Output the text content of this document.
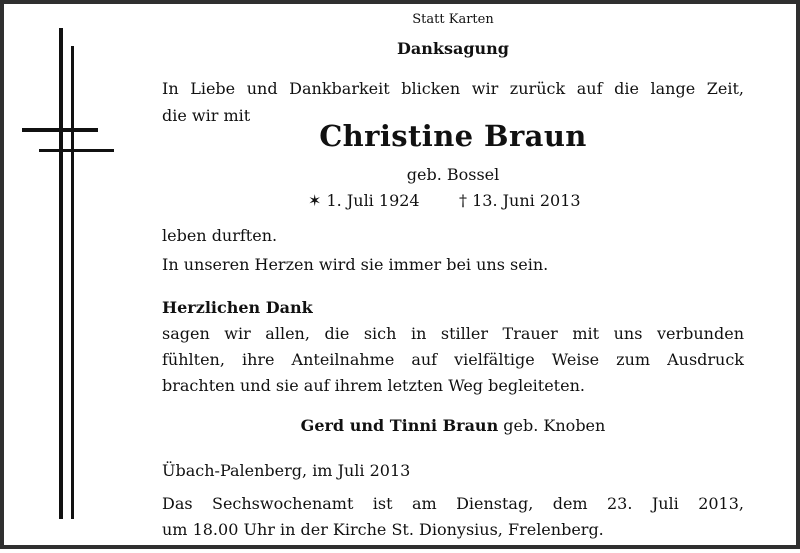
Statt Karten
Danksagung
In Liebe und Dankbarkeit blicken wir zurück auf die lange Zeit,
die wir mit
Christine Braun
geb. Bossel
✶ 1. Juli 1924 † 13. Juni 2013
leben durften.
In unseren Herzen wird sie immer bei uns sein.
Herzlichen Dank
sagen wir allen, die sich in stiller Trauer mit uns verbunden
fühlten, ihre Anteilnahme auf vielfältige Weise zum Ausdruck
brachten und sie auf ihrem letzten Weg begleiteten.
Gerd und Tinni Braun geb. Knoben
Übach-Palenberg, im Juli 2013
Das Sechswochenamt ist am Dienstag, dem 23. Juli 2013,
um 18.00 Uhr in der Kirche St. Dionysius, Frelenberg.
